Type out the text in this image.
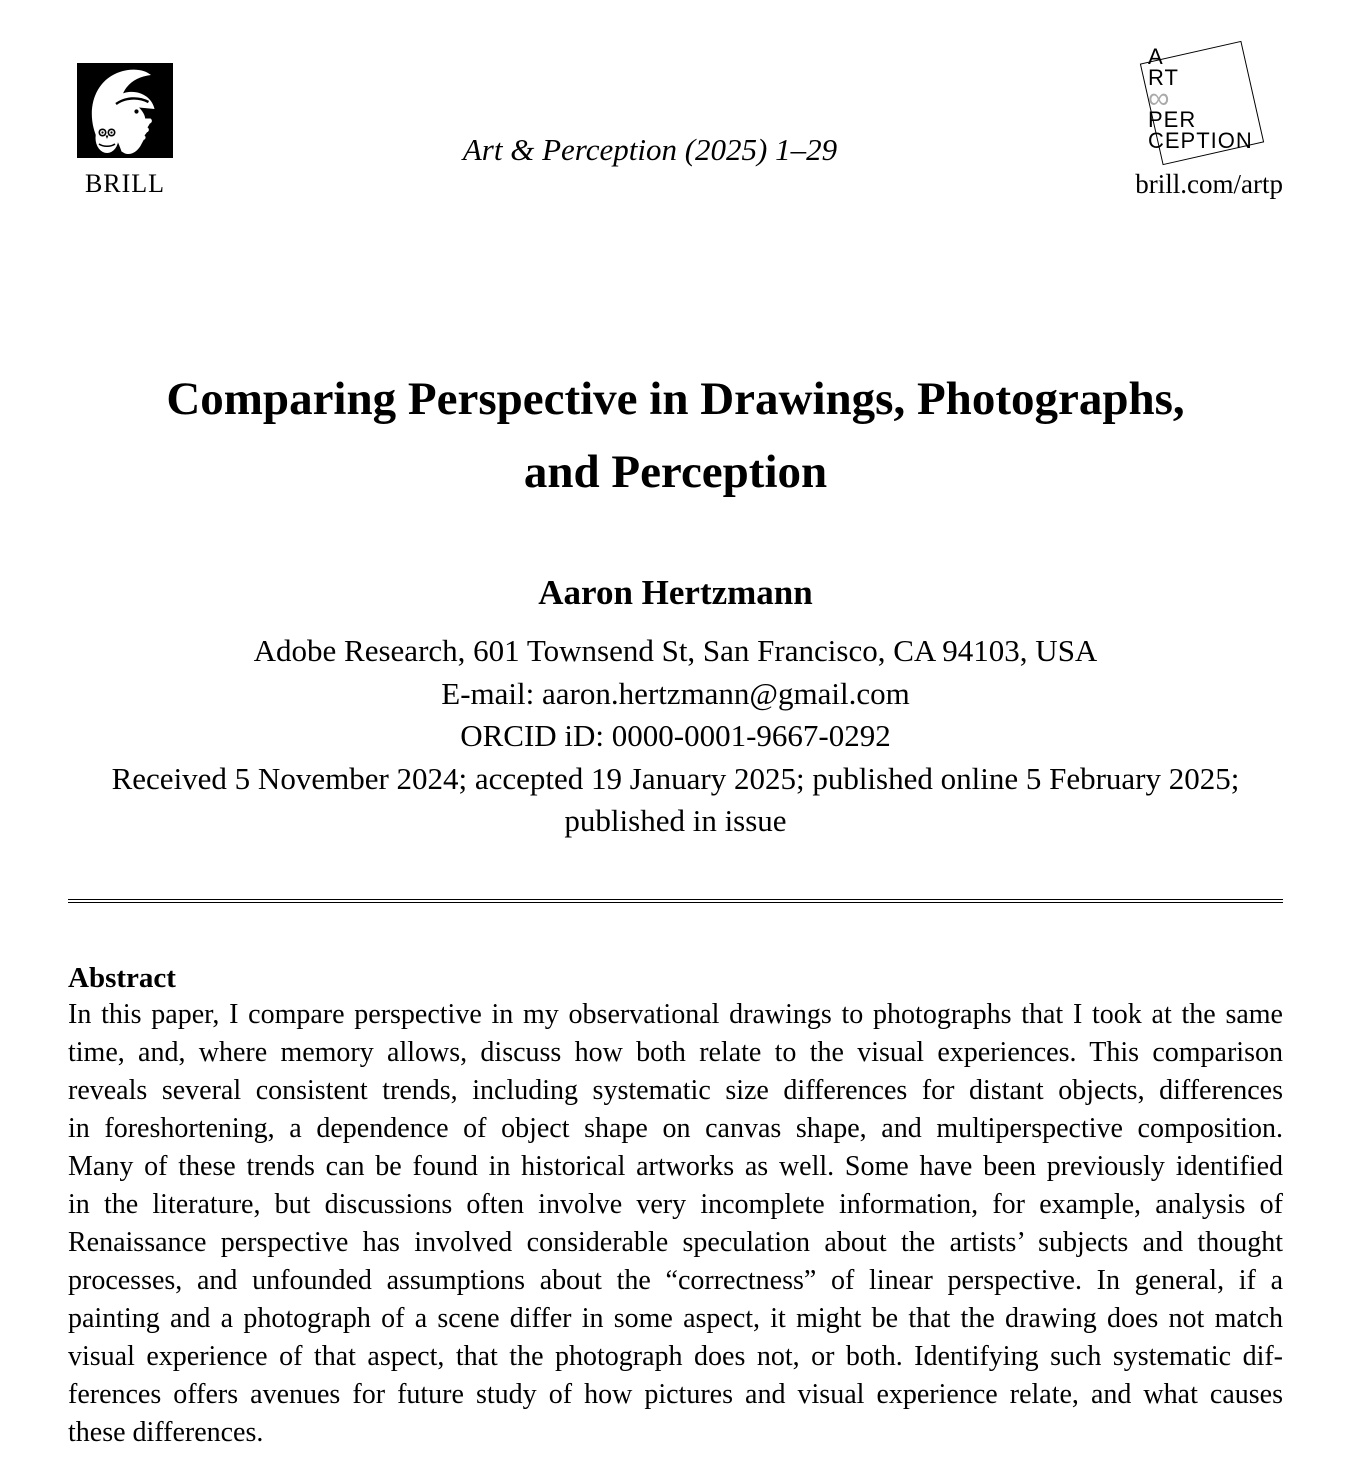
BRILL
Art & Perception (2025) 1–29
A
RT
∞
PER
CEPTION
brill.com/artp
Comparing Perspective in Drawings, Photographs,
and Perception
Aaron Hertzmann
Adobe Research, 601 Townsend St, San Francisco, CA 94103, USA
E-mail: aaron.hertzmann@gmail.com
ORCID iD: 0000-0001-9667-0292
Received 5 November 2024; accepted 19 January 2025; published online 5 February 2025;
published in issue
Abstract
In this paper, I compare perspective in my observational drawings to photographs that I took at the same
time, and, where memory allows, discuss how both relate to the visual experiences. This comparison
reveals several consistent trends, including systematic size differences for distant objects, differences
in foreshortening, a dependence of object shape on canvas shape, and multiperspective composition.
Many of these trends can be found in historical artworks as well. Some have been previously identified
in the literature, but discussions often involve very incomplete information, for example, analysis of
Renaissance perspective has involved considerable speculation about the artists’ subjects and thought
processes, and unfounded assumptions about the “correctness” of linear perspective. In general, if a
painting and a photograph of a scene differ in some aspect, it might be that the drawing does not match
visual experience of that aspect, that the photograph does not, or both. Identifying such systematic dif-
ferences offers avenues for future study of how pictures and visual experience relate, and what causes
these differences.
